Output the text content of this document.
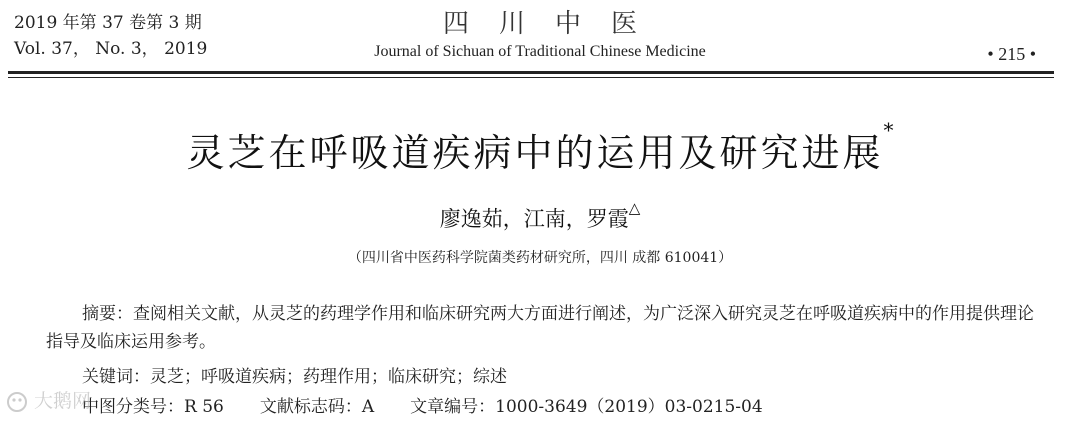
2019 年第 37 卷第 3 期
Vol. 37， No. 3， 2019
四川中医
Journal of Sichuan of Traditional Chinese Medicine	• 215 •
灵芝在呼吸道疾病中的运用及研究进展*
廖逸茹，江南，罗霞△
（四川省中医药科学院菌类药材研究所，四川 成都 610041）

摘要：查阅相关文献，从灵芝的药理学作用和临床研究两大方面进行阐述，为广泛深入研究灵芝在呼吸道疾病中的作用提供理论指导及临床运用参考。

关键词：灵芝；呼吸道疾病；药理作用；临床研究；综述
中图分类号：R 56 文献标志码：A 文章编号：1000-3649（2019）03-0215-04
大鹅网
